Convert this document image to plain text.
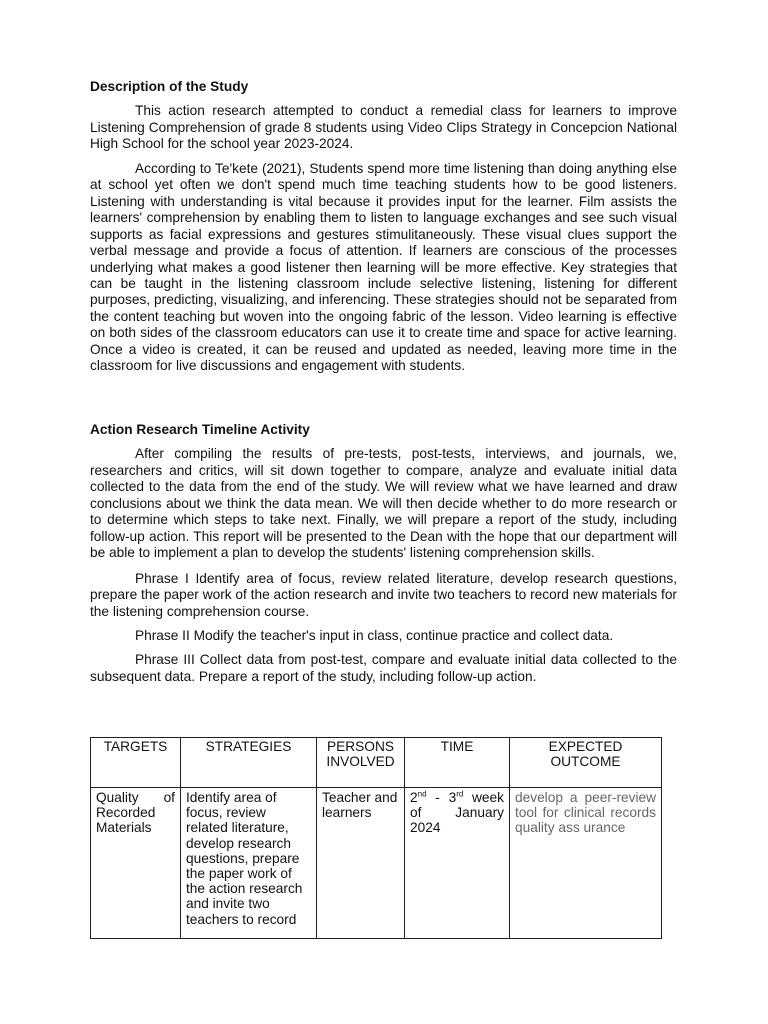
Description of the Study

This action research attempted to conduct a remedial class for learners to improve Listening Comprehension of grade 8 students using Video Clips Strategy in Concepcion National High School for the school year 2023-2024.

According to Te'kete (2021), Students spend more time listening than doing anything else at school yet often we don't spend much time teaching students how to be good listeners. Listening with understanding is vital because it provides input for the learner. Film assists the learners' comprehension by enabling them to listen to language exchanges and see such visual supports as facial expressions and gestures stimulitaneously. These visual clues support the verbal message and provide a focus of attention. If learners are conscious of the processes underlying what makes a good listener then learning will be more effective. Key strategies that can be taught in the listening classroom include selective listening, listening for different purposes, predicting, visualizing, and inferencing. These strategies should not be separated from the content teaching but woven into the ongoing fabric of the lesson. Video learning is effective on both sides of the classroom educators can use it to create time and space for active learning. Once a video is created, it can be reused and updated as needed, leaving more time in the classroom for live discussions and engagement with students.

Action Research Timeline Activity

After compiling the results of pre-tests, post-tests, interviews, and journals, we, researchers and critics, will sit down together to compare, analyze and evaluate initial data collected to the data from the end of the study. We will review what we have learned and draw conclusions about we think the data mean. We will then decide whether to do more research or to determine which steps to take next. Finally, we will prepare a report of the study, including follow-up action. This report will be presented to the Dean with the hope that our department will be able to implement a plan to develop the students' listening comprehension skills.

Phrase I Identify area of focus, review related literature, develop research questions, prepare the paper work of the action research and invite two teachers to record new materials for the listening comprehension course.

Phrase II Modify the teacher's input in class, continue practice and collect data.

Phrase III Collect data from post-test, compare and evaluate initial data collected to the subsequent data. Prepare a report of the study, including follow-up action.

TARGETS	STRATEGIES	PERSONS INVOLVED	TIME	EXPECTED OUTCOME
Quality of Recorded Materials	Identify area of focus, review related literature, develop research questions, prepare the paper work of the action research and invite two teachers to record	Teacher and learners	2nd - 3rd week of January 2024	develop a peer-review tool for clinical records quality ass urance
